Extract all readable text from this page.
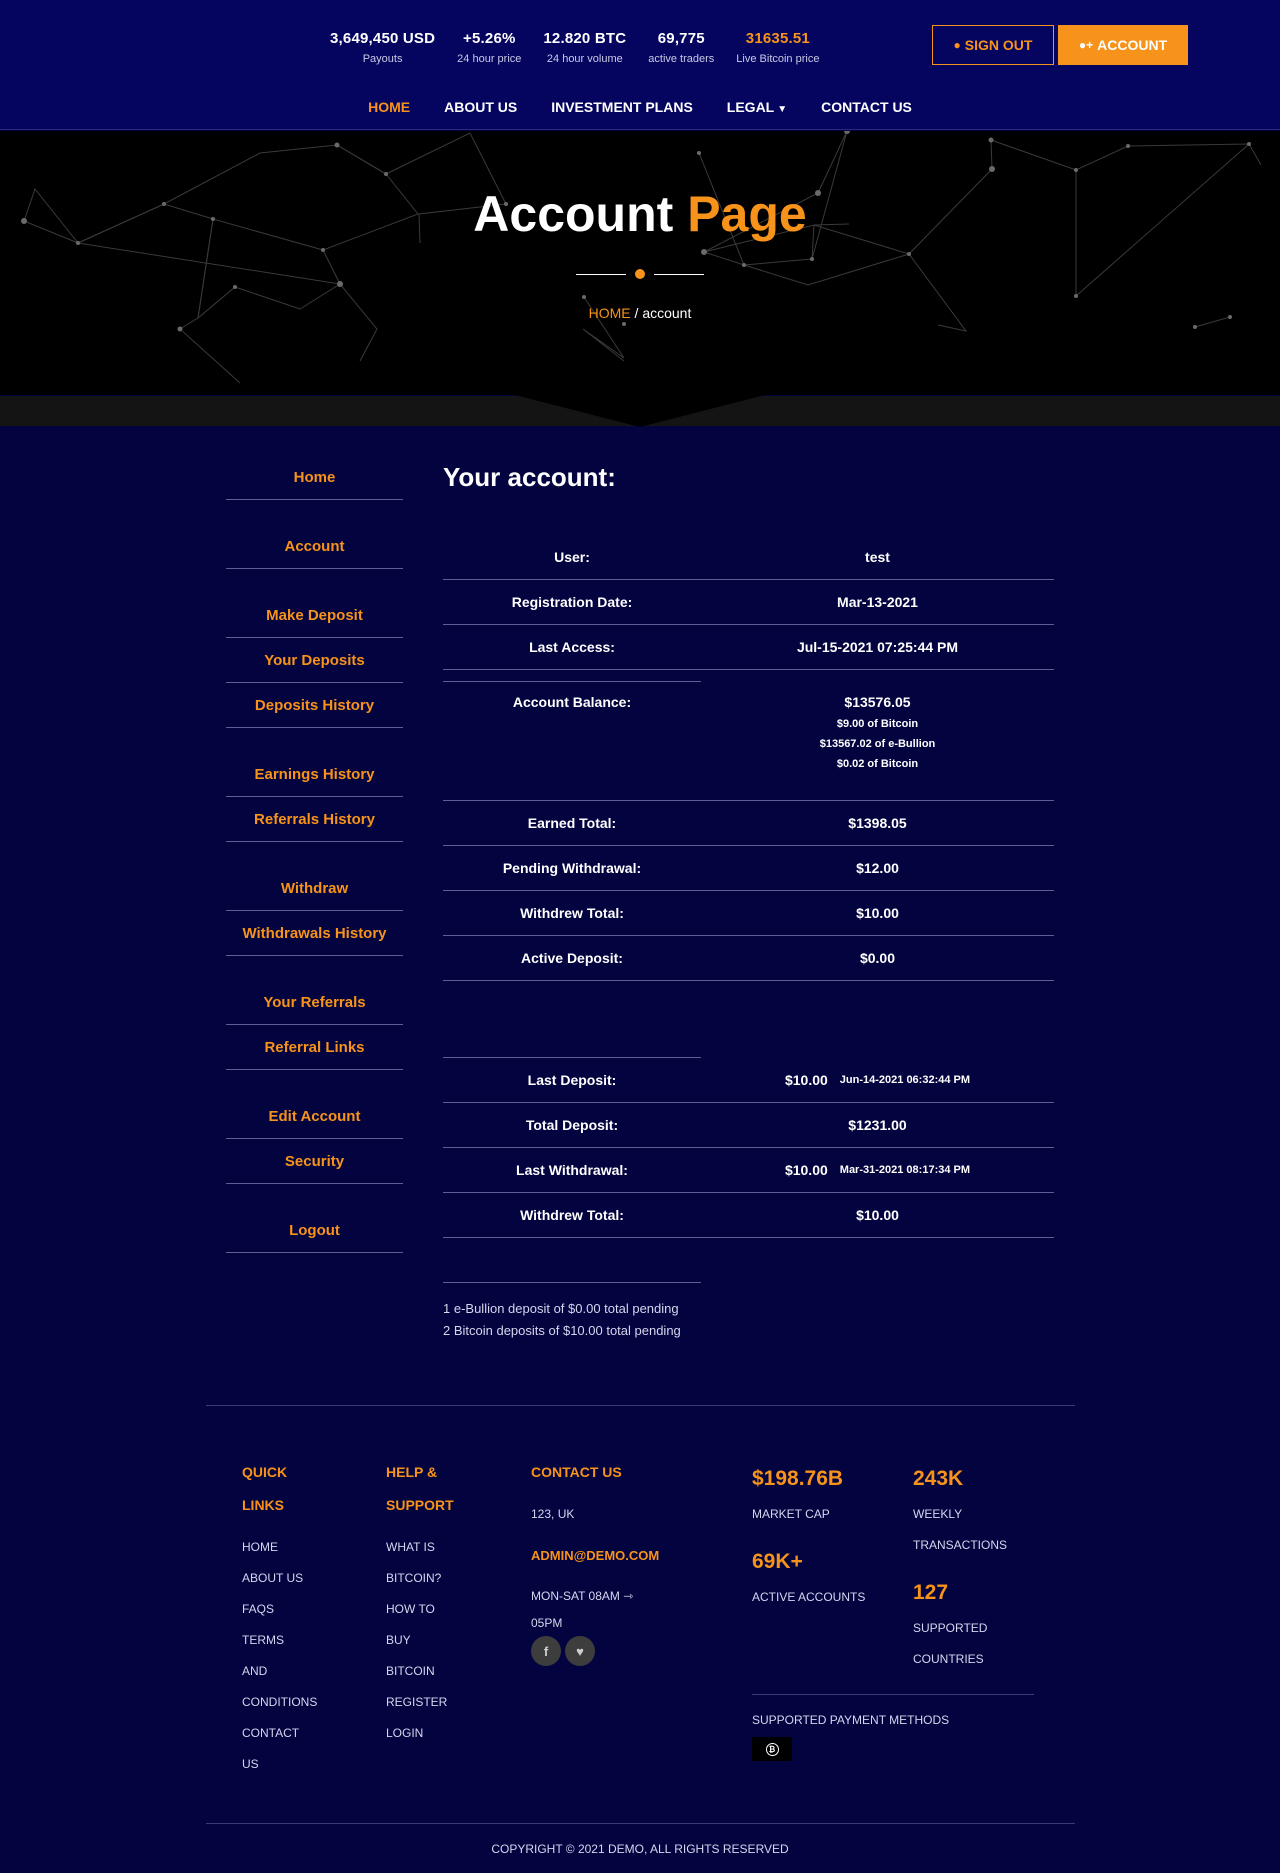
3,649,450 USD
Payouts
+5.26%
24 hour price
12.820 BTC
24 hour volume
69,775
active traders
31635.51
Live Bitcoin price
● SIGN OUT	●+ ACCOUNT
HOME ABOUT US INVESTMENT PLANS LEGAL ▼ CONTACT US
Account Page
HOME / account
Home
Account
Make Deposit
Your Deposits
Deposits History
Earnings History
Referrals History
Withdraw
Withdrawals History
Your Referrals
Referral Links
Edit Account
Security
Logout
Your account:
User:	test
Registration Date:	Mar-13-2021
Last Access:	Jul-15-2021 07:25:44 PM
Account Balance:	$13576.05
$9.00 of Bitcoin
$13567.02 of e-Bullion
$0.02 of Bitcoin
Earned Total:	$1398.05
Pending Withdrawal:	$12.00
Withdrew Total:	$10.00
Active Deposit:	$0.00
Last Deposit:	$10.00 Jun-14-2021 06:32:44 PM
Total Deposit:	$1231.00
Last Withdrawal:	$10.00 Mar-31-2021 08:17:34 PM
Withdrew Total:	$10.00
1 e-Bullion deposit of $0.00 total pending
2 Bitcoin deposits of $10.00 total pending
QUICK
LINKS
HOME
ABOUT US
FAQS
TERMS
AND
CONDITIONS
CONTACT
US
HELP &
SUPPORT
WHAT IS
BITCOIN?
HOW TO
BUY
BITCOIN
REGISTER
LOGIN
CONTACT US
123, UK
ADMIN@DEMO.COM
MON-SAT 08AM ⇾
05PM
f	♥
$198.76B
MARKET CAP
243K
WEEKLY
TRANSACTIONS
69K+
ACTIVE ACCOUNTS 127
SUPPORTED
COUNTRIES
SUPPORTED PAYMENT METHODS
₿
COPYRIGHT © 2021 DEMO, ALL RIGHTS RESERVED
